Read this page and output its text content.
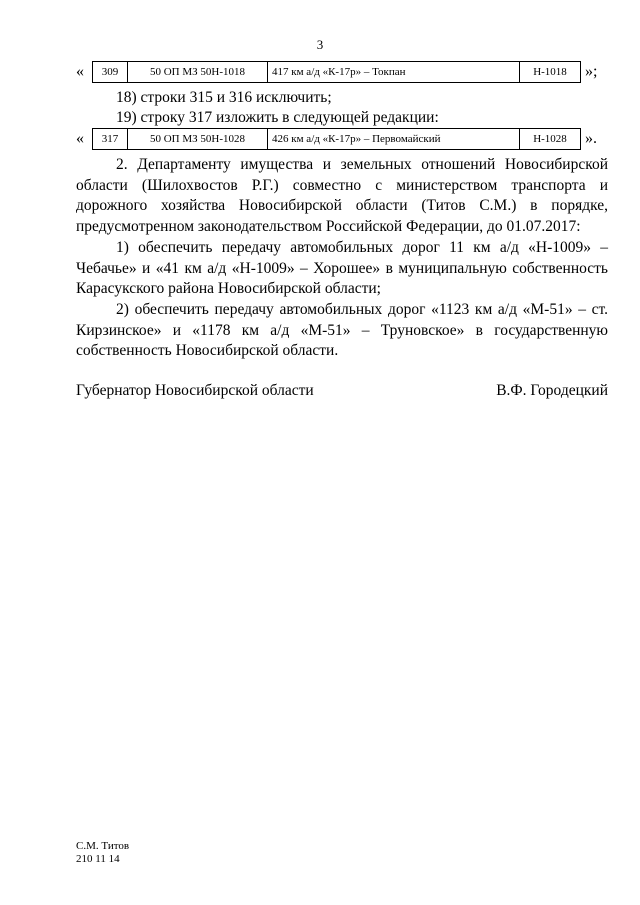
3
«	309	50 ОП МЗ 50Н-1018	417 км а/д «К-17р» – Токпан	Н-1018 »;
18) строки 315 и 316 исключить;
19) строку 317 изложить в следующей редакции:
«	317	50 ОП МЗ 50Н-1028	426 км а/д «К-17р» – Первомайский	Н-1028 ».

2. Департаменту имущества и земельных отношений Новосибирской области (Шилохвостов Р.Г.) совместно с министерством транспорта и дорожного хозяйства Новосибирской области (Титов С.М.) в порядке, предусмотренном законодательством Российской Федерации, до 01.07.2017:

1) обеспечить передачу автомобильных дорог 11 км а/д «Н-1009» – Чебачье» и «41 км а/д «Н-1009» – Хорошее» в муниципальную собственность Карасукского района Новосибирской области;

2) обеспечить передачу автомобильных дорог «1123 км а/д «М-51» – ст. Кирзинское» и «1178 км а/д «М-51» – Труновское» в государственную собственность Новосибирской области.

Губернатор Новосибирской области	В.Ф. Городецкий
С.М. Титов
210 11 14
